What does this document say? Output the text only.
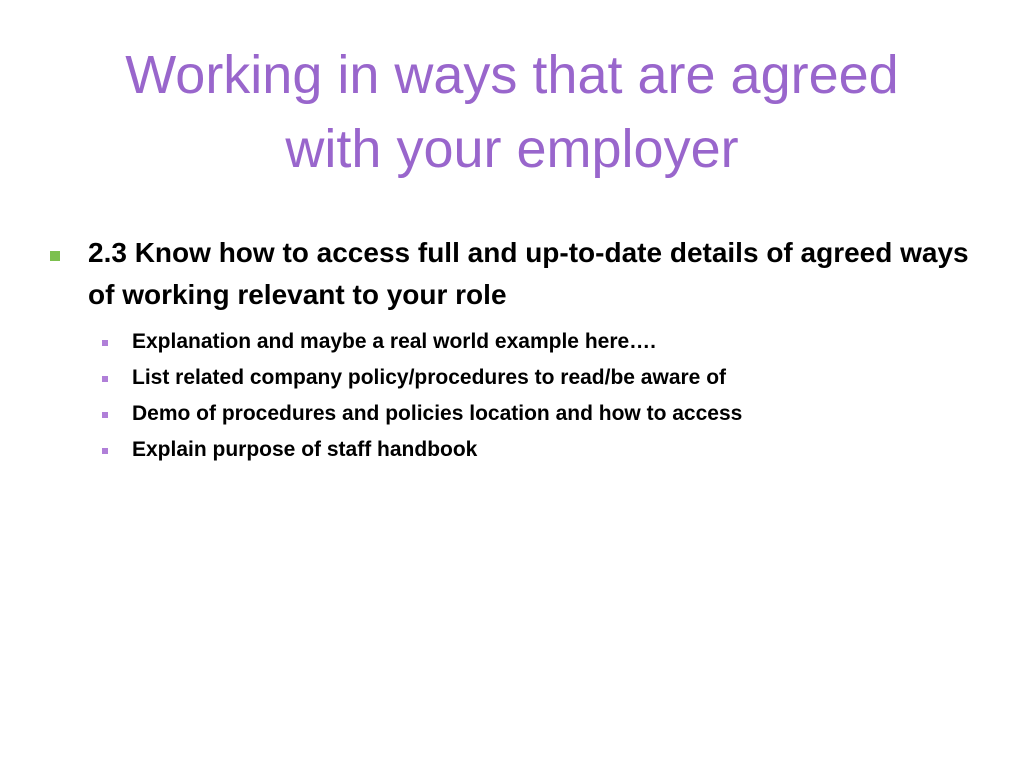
Working in ways that are agreed
with your employer
2.3 Know how to access full and up-to-date details of agreed ways of working relevant to your role
Explanation and maybe a real world example here….
List related company policy/procedures to read/be aware of
Demo of procedures and policies location and how to access
Explain purpose of staff handbook
